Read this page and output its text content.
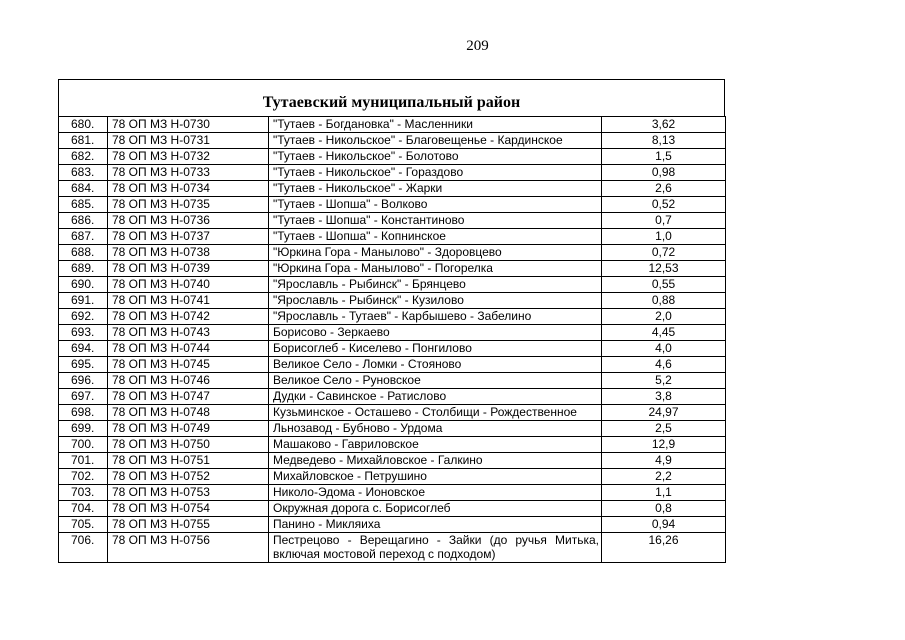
209
Тутаевский муниципальный район
680.	78 ОП МЗ Н-0730	"Тутаев - Богдановка" - Масленники	3,62
681.	78 ОП МЗ Н-0731	"Тутаев - Никольское" - Благовещенье - Кардинское	8,13
682.	78 ОП МЗ Н-0732	"Тутаев - Никольское" - Болотово	1,5
683.	78 ОП МЗ Н-0733	"Тутаев - Никольское" - Гораздово	0,98
684.	78 ОП МЗ Н-0734	"Тутаев - Никольское" - Жарки	2,6
685.	78 ОП МЗ Н-0735	"Тутаев - Шопша" - Волково	0,52
686.	78 ОП МЗ Н-0736	"Тутаев - Шопша" - Константиново	0,7
687.	78 ОП МЗ Н-0737	"Тутаев - Шопша" - Копнинское	1,0
688.	78 ОП МЗ Н-0738	"Юркина Гора - Манылово" - Здоровцево	0,72
689.	78 ОП МЗ Н-0739	"Юркина Гора - Манылово" - Погорелка	12,53
690.	78 ОП МЗ Н-0740	"Ярославль - Рыбинск" - Брянцево	0,55
691.	78 ОП МЗ Н-0741	"Ярославль - Рыбинск" - Кузилово	0,88
692.	78 ОП МЗ Н-0742	"Ярославль - Тутаев" - Карбышево - Забелино	2,0
693.	78 ОП МЗ Н-0743	Борисово - Зеркаево	4,45
694.	78 ОП МЗ Н-0744	Борисоглеб - Киселево - Понгилово	4,0
695.	78 ОП МЗ Н-0745	Великое Село - Ломки - Стояново	4,6
696.	78 ОП МЗ Н-0746	Великое Село - Руновское	5,2
697.	78 ОП МЗ Н-0747	Дудки - Савинское - Ратислово	3,8
698.	78 ОП МЗ Н-0748	Кузьминское - Осташево - Столбищи - Рождественное	24,97
699.	78 ОП МЗ Н-0749	Льнозавод - Бубново - Урдома	2,5
700.	78 ОП МЗ Н-0750	Машаково - Гавриловское	12,9
701.	78 ОП МЗ Н-0751	Медведево - Михайловское - Галкино	4,9
702.	78 ОП МЗ Н-0752	Михайловское - Петрушино	2,2
703.	78 ОП МЗ Н-0753	Николо-Эдома - Ионовское	1,1
704.	78 ОП МЗ Н-0754	Окружная дорога с. Борисоглеб	0,8
705.	78 ОП МЗ Н-0755	Панино - Микляиха	0,94
706.	78 ОП МЗ Н-0756	Пестрецово - Верещагино - Зайки (до ручья Митька, включая мостовой переход с подходом)	16,26
